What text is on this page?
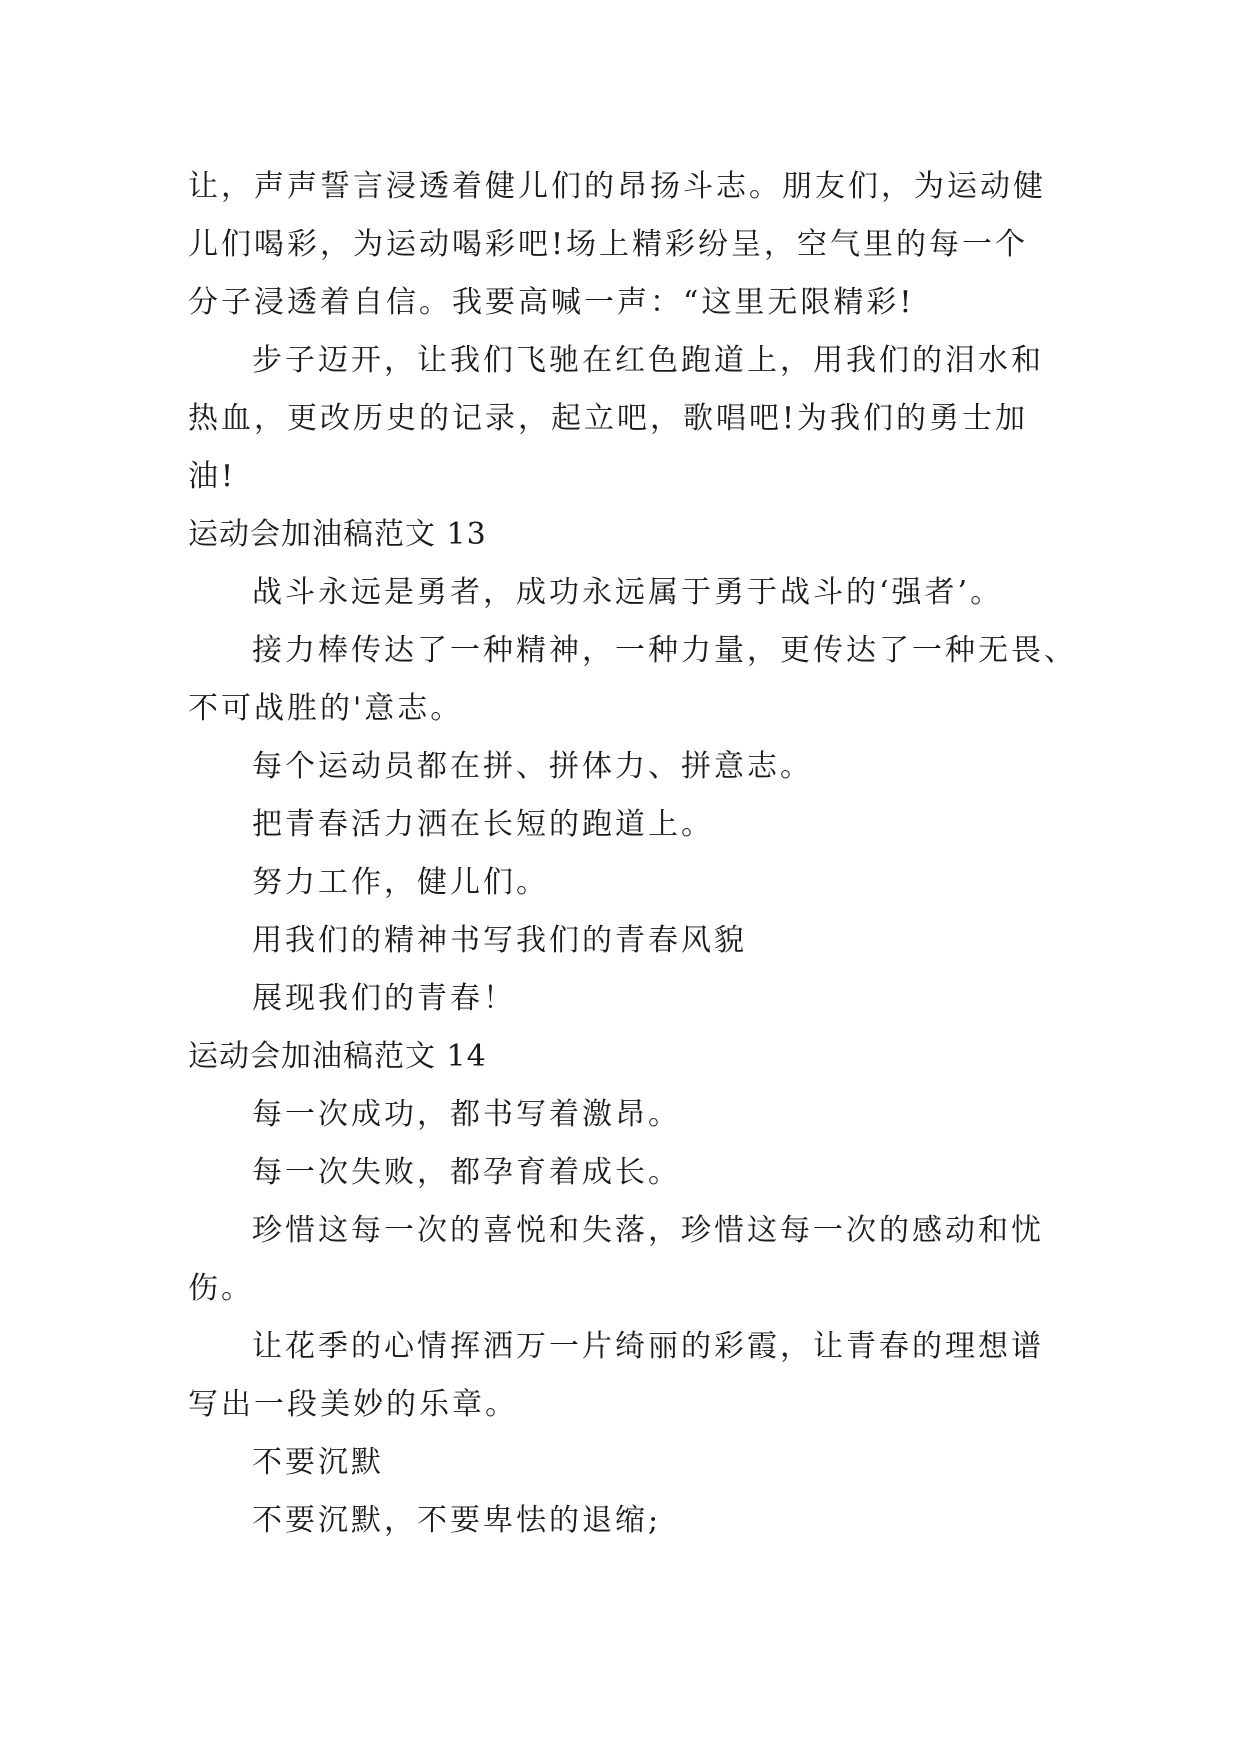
让，声声誓言浸透着健儿们的昂扬斗志。朋友们，为运动健

儿们喝彩，为运动喝彩吧!场上精彩纷呈，空气里的每一个

分子浸透着自信。我要高喊一声：“这里无限精彩!

步子迈开，让我们飞驰在红色跑道上，用我们的泪水和

热血，更改历史的记录，起立吧，歌唱吧!为我们的勇士加

油!

运动会加油稿范文 13

战斗永远是勇者，成功永远属于勇于战斗的‘强者’。

接力棒传达了一种精神，一种力量，更传达了一种无畏、

不可战胜的'意志。

每个运动员都在拼、拼体力、拼意志。

把青春活力洒在长短的跑道上。

努力工作，健儿们。

用我们的精神书写我们的青春风貌

展现我们的青春！

运动会加油稿范文 14

每一次成功，都书写着激昂。

每一次失败，都孕育着成长。

珍惜这每一次的喜悦和失落，珍惜这每一次的感动和忧

伤。

让花季的心情挥洒万一片绮丽的彩霞，让青春的理想谱

写出一段美妙的乐章。

不要沉默

不要沉默，不要卑怯的退缩;
